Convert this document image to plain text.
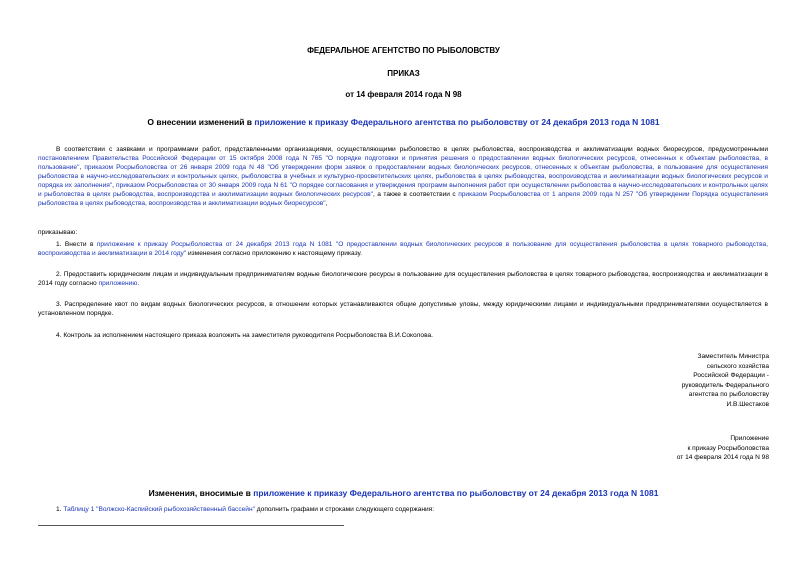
ФЕДЕРАЛЬНОЕ АГЕНТСТВО ПО РЫБОЛОВСТВУ
ПРИКАЗ
от 14 февраля 2014 года N 98
О внесении изменений в приложение к приказу Федерального агентства по рыболовству от 24 декабря 2013 года N 1081
В соответствии с заявками и программами работ, представленными организациями, осуществляющими рыболовство в целях рыболовства, воспроизводства и акклиматизации водных биоресурсов, предусмотренными постановлением Правительства Российской Федерации от 15 октября 2008 года N 765 "О порядке подготовки и принятия решения о предоставлении водных биологических ресурсов, отнесенных к объектам рыболовства, в пользование", приказом Росрыболовства от 26 января 2009 года N 48 "Об утверждении форм заявок о предоставлении водных биологических ресурсов, отнесенных к объектам рыболовства, в пользование для осуществления рыболовства в научно-исследовательских и контрольных целях, рыболовства в учебных и культурно-просветительских целях, рыболовства в целях рыбоводства, воспроизводства и акклиматизации водных биологических ресурсов и порядка их заполнения", приказом Росрыболовства от 30 января 2009 года N 61 "О порядке согласования и утверждения программ выполнения работ при осуществлении рыболовства в научно-исследовательских и контрольных целях и рыболовства в целях рыбоводства, воспроизводства и акклиматизации водных биологических ресурсов", а также в соответствии с приказом Росрыболовства от 1 апреля 2009 года N 257 "Об утверждении Порядка осуществления рыболовства в целях рыбоводства, воспроизводства и акклиматизации водных биоресурсов",
приказываю:
1. Внести в приложение к приказу Росрыболовства от 24 декабря 2013 года N 1081 "О предоставлении водных биологических ресурсов в пользование для осуществления рыболовства в целях товарного рыбоводства, воспроизводства и акклиматизации в 2014 году" изменения согласно приложению к настоящему приказу.
2. Предоставить юридическим лицам и индивидуальным предпринимателям водные биологические ресурсы в пользование для осуществления рыболовства в целях товарного рыбоводства, воспроизводства и акклиматизации в 2014 году согласно приложению.
3. Распределение квот по видам водных биологических ресурсов, в отношении которых устанавливаются общие допустимые уловы, между юридическими лицами и индивидуальными предпринимателями осуществляется в установленном порядке.
4. Контроль за исполнением настоящего приказа возложить на заместителя руководителя Росрыболовства В.И.Соколова.
Заместитель Министра
сельского хозяйства
Российской Федерации -
руководитель Федерального
агентства по рыболовству
И.В.Шестаков
Приложение
к приказу Росрыболовства
от 14 февраля 2014 года N 98
Изменения, вносимые в приложение к приказу Федерального агентства по рыболовству от 24 декабря 2013 года N 1081
1. Таблицу 1 "Волжско-Каспийский рыбохозяйственный бассейн" дополнить графами и строками следующего содержания:
